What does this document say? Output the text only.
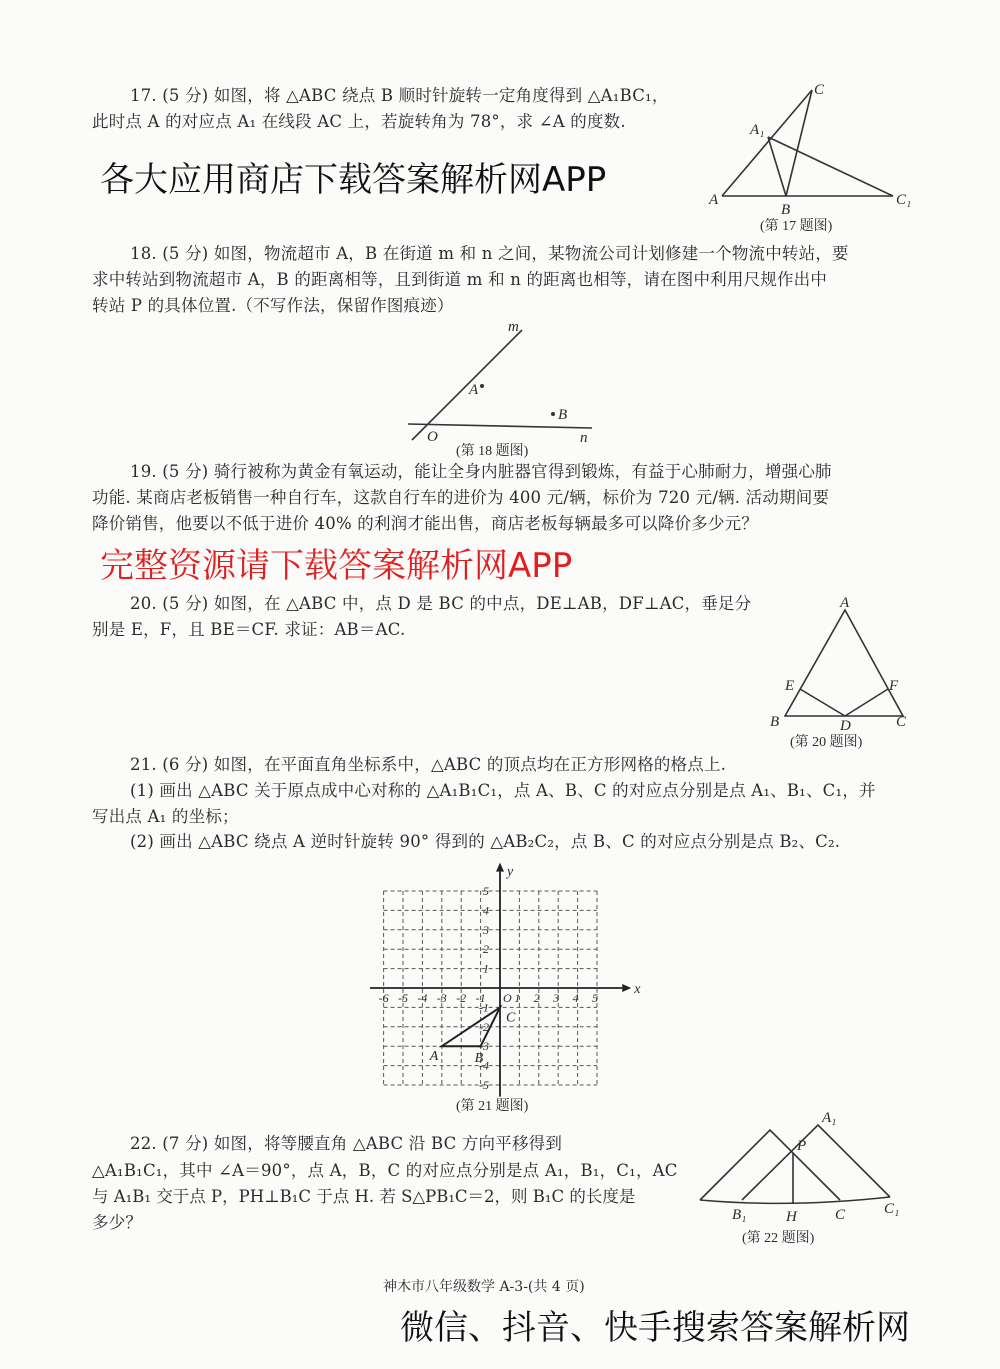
17. (5 分) 如图，将 △ABC 绕点 B 顺时针旋转一定角度得到 △A₁BC₁，
此时点 A 的对应点 A₁ 在线段 AC 上，若旋转角为 78°，求 ∠A 的度数.
18. (5 分) 如图，物流超市 A，B 在街道 m 和 n 之间，某物流公司计划修建一个物流中转站，要
求中转站到物流超市 A，B 的距离相等，且到街道 m 和 n 的距离也相等，请在图中利用尺规作出中
转站 P 的具体位置.（不写作法，保留作图痕迹）
19. (5 分) 骑行被称为黄金有氧运动，能让全身内脏器官得到锻炼，有益于心肺耐力，增强心肺
功能. 某商店老板销售一种自行车，这款自行车的进价为 400 元/辆，标价为 720 元/辆. 活动期间要
降价销售，他要以不低于进价 40% 的利润才能出售，商店老板每辆最多可以降价多少元？
20. (5 分) 如图，在 △ABC 中，点 D 是 BC 的中点，DE⊥AB，DF⊥AC，垂足分
别是 E，F，且 BE＝CF. 求证：AB＝AC.
21. (6 分) 如图，在平面直角坐标系中，△ABC 的顶点均在正方形网格的格点上.
(1) 画出 △ABC 关于原点成中心对称的 △A₁B₁C₁，点 A、B、C 的对应点分别是点 A₁、B₁、C₁，并
写出点 A₁ 的坐标；
(2) 画出 △ABC 绕点 A 逆时针旋转 90° 得到的 △AB₂C₂，点 B、C 的对应点分别是点 B₂、C₂.
22. (7 分) 如图，将等腰直角 △ABC 沿 BC 方向平移得到
△A₁B₁C₁，其中 ∠A＝90°，点 A，B，C 的对应点分别是点 A₁，B₁，C₁，AC
与 A₁B₁ 交于点 P，PH⊥B₁C 于点 H. 若 S△PB₁C＝2，则 B₁C 的长度是
多少？
C
A₁
A
B
C₁
(第 17 题图)
m
A
B
O	n
(第 18 题图)
A
E	F
B	D	C
(第 20 题图)
x
y
O
-6 -5 -4 -3 -2 -1 1 2 3 4 5
5
4
3
2
1
-1
-2
-3
-4
-5
A	B
C
(第 21 题图)
A₁
P
B₁	H	C	C₁
(第 22 题图)
神木市八年级数学 A-3-(共 4 页)
各大应用商店下载答案解析网APP
完整资源请下载答案解析网APP
微信、抖音、快手搜索答案解析网
